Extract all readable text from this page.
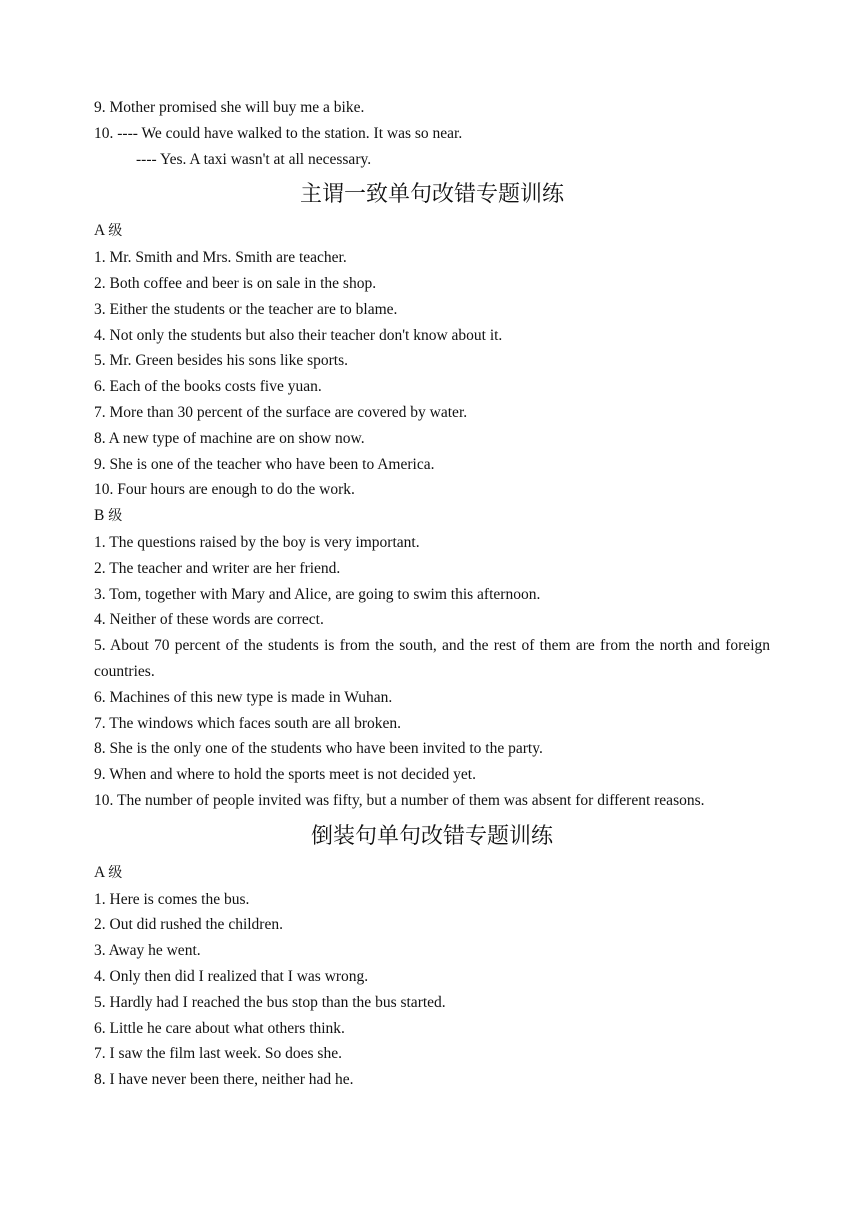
9. Mother promised she will buy me a bike.

10. ---- We could have walked to the station. It was so near.

---- Yes. A taxi wasn't at all necessary.

主谓一致单句改错专题训练

A 级

1. Mr. Smith and Mrs. Smith are teacher.

2. Both coffee and beer is on sale in the shop.

3. Either the students or the teacher are to blame.

4. Not only the students but also their teacher don't know about it.

5. Mr. Green besides his sons like sports.

6. Each of the books costs five yuan.

7. More than 30 percent of the surface are covered by water.

8. A new type of machine are on show now.

9. She is one of the teacher who have been to America.

10. Four hours are enough to do the work.

B 级

1. The questions raised by the boy is very important.

2. The teacher and writer are her friend.

3. Tom, together with Mary and Alice, are going to swim this afternoon.

4. Neither of these words are correct.

5. About 70 percent of the students is from the south, and the rest of them are from the north and foreign countries.

6. Machines of this new type is made in Wuhan.

7. The windows which faces south are all broken.

8. She is the only one of the students who have been invited to the party.

9. When and where to hold the sports meet is not decided yet.

10. The number of people invited was fifty, but a number of them was absent for different reasons.

倒装句单句改错专题训练

A 级

1. Here is comes the bus.

2. Out did rushed the children.

3. Away he went.

4. Only then did I realized that I was wrong.

5. Hardly had I reached the bus stop than the bus started.

6. Little he care about what others think.

7. I saw the film last week. So does she.

8. I have never been there, neither had he.
